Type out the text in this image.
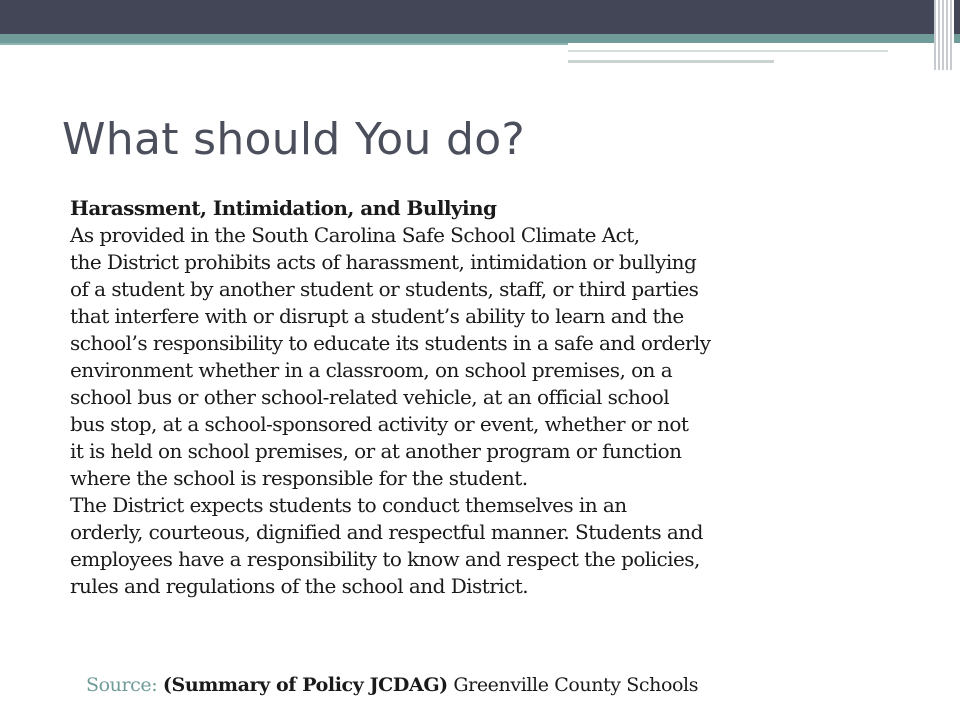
What should You do?
Harassment, Intimidation, and Bullying
As provided in the South Carolina Safe School Climate Act,
the District prohibits acts of harassment, intimidation or bullying
of a student by another student or students, staff, or third parties
that interfere with or disrupt a student’s ability to learn and the
school’s responsibility to educate its students in a safe and orderly
environment whether in a classroom, on school premises, on a
school bus or other school-related vehicle, at an official school
bus stop, at a school-sponsored activity or event, whether or not
it is held on school premises, or at another program or function
where the school is responsible for the student.
The District expects students to conduct themselves in an
orderly, courteous, dignified and respectful manner. Students and
employees have a responsibility to know and respect the policies,
rules and regulations of the school and District.
Source: (Summary of Policy JCDAG) Greenville County Schools
